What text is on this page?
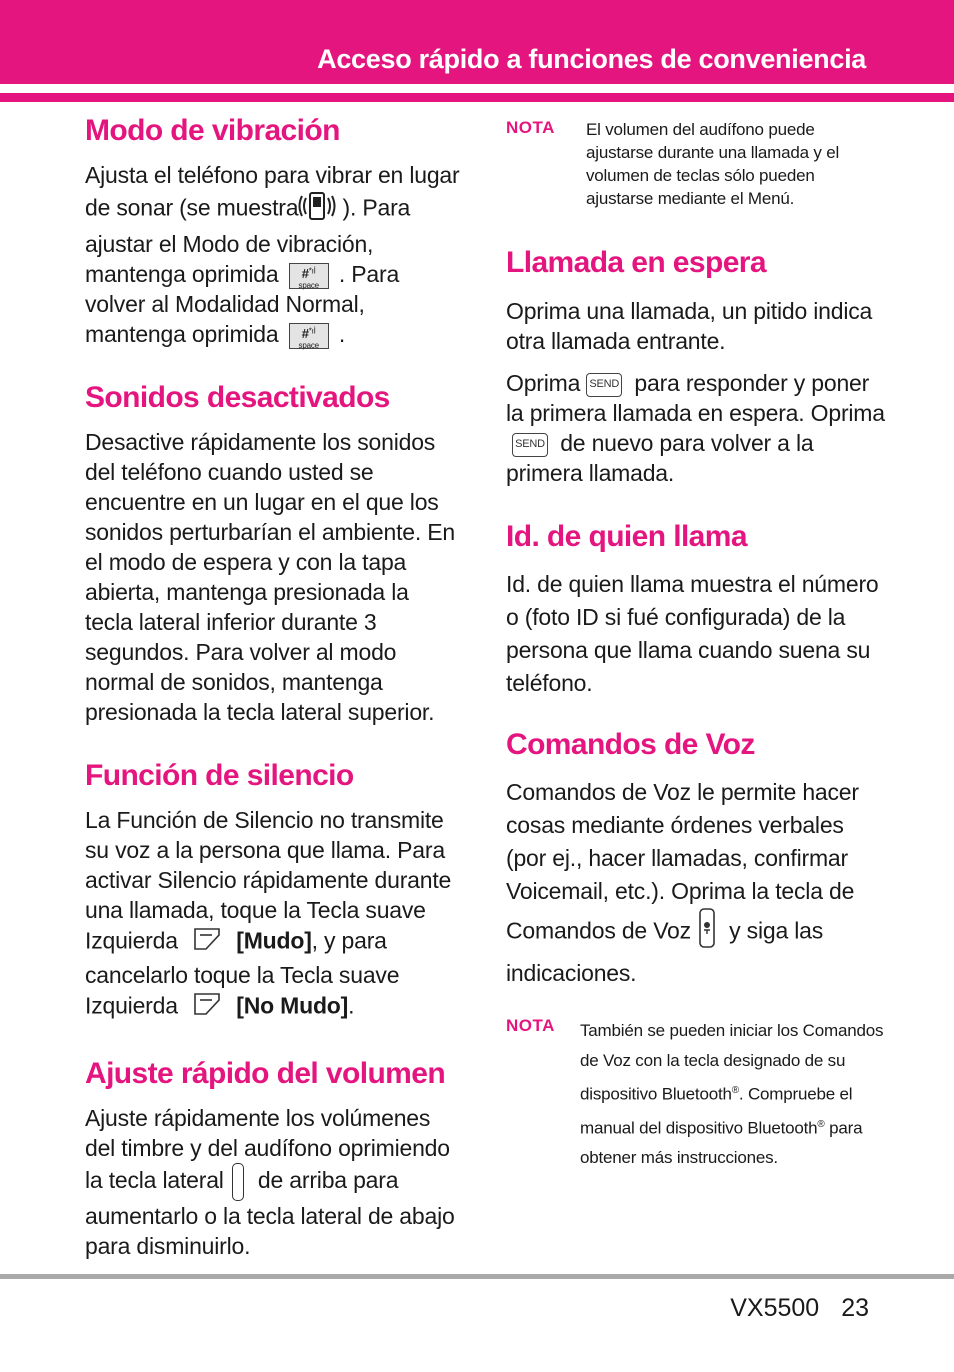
Acceso rápido a funciones de conveniencia
Modo de vibración

Ajusta el teléfono para vibrar en lugar de sonar (se muestra ). Para ajustar el Modo de vibración, mantenga oprimida #$^{*ıİ}$
space . Para volver al Modalidad Normal, mantenga oprimida #$^{*ıİ}$
space .

Sonidos desactivados

Desactive rápidamente los sonidos del teléfono cuando usted se encuentre en un lugar en el que los sonidos perturbarían el ambiente. En el modo de espera y con la tapa abierta, mantenga presionada la tecla lateral inferior durante 3 segundos. Para volver al modo normal de sonidos, mantenga presionada la tecla lateral superior.

Función de silencio

La Función de Silencio no transmite su voz a la persona que llama. Para activar Silencio rápidamente durante una llamada, toque la Tecla suave Izquierda	[Mudo], y para cancelarlo toque la Tecla suave Izquierda	[No Mudo].

Ajuste rápido del volumen

Ajuste rápidamente los volúmenes del timbre y del audífono oprimiendo la tecla lateral de arriba para aumentarlo o la tecla lateral de abajo para disminuirlo.

NOTA El volumen del audífono puede ajustarse durante una llamada y el volumen de teclas sólo pueden ajustarse mediante el Menú.

Llamada en espera

Oprima una llamada, un pitido indica otra llamada entrante.

Oprima SEND para responder y poner la primera llamada en espera. OprimaSEND de nuevo para volver a la primera llamada.

Id. de quien llama

Id. de quien llama muestra el número o (foto ID si fué configurada) de la persona que llama cuando suena su teléfono.

Comandos de Voz

Comandos de Voz le permite hacer cosas mediante órdenes verbales (por ej., hacer llamadas, confirmar Voicemail, etc.). Oprima la tecla de Comandos de Voz y siga las indicaciones.

NOTA También se pueden iniciar los Comandos de Voz con la tecla designado de su dispositivo Bluetooth®. Compruebe el manual del dispositivo Bluetooth® para obtener más instrucciones.

VX5500 23
